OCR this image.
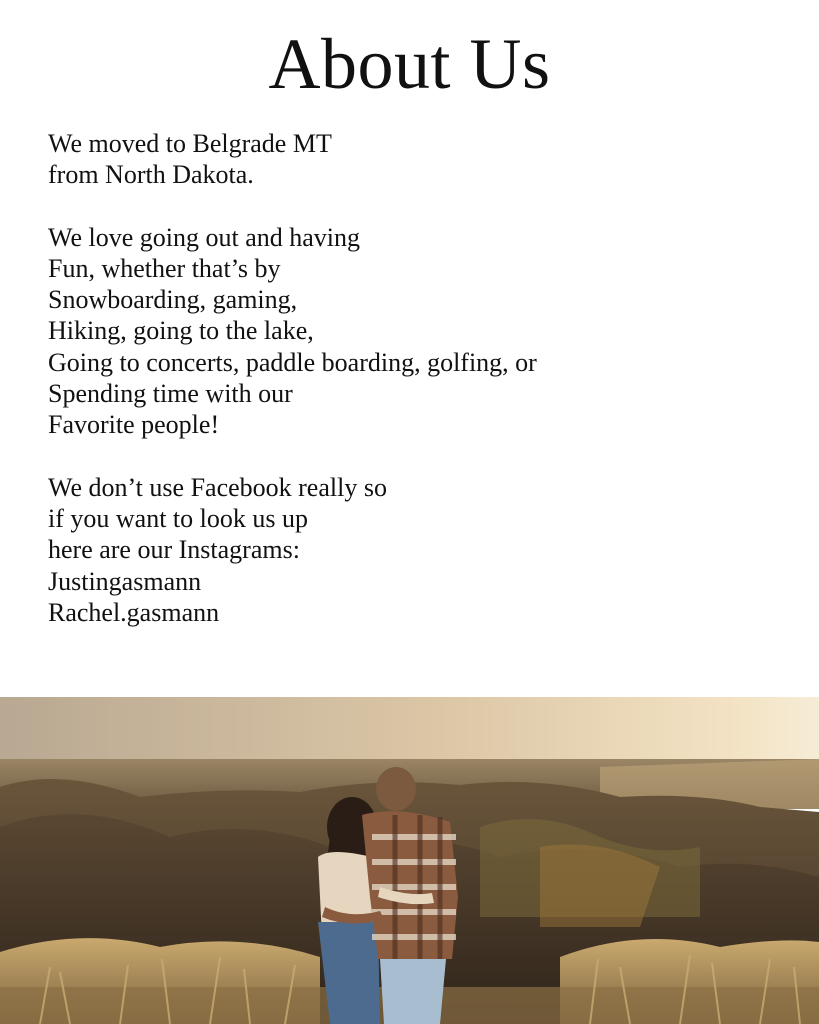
About Us

We moved to Belgrade MT
from North Dakota.

We love going out and having
Fun, whether that’s by
Snowboarding, gaming,
Hiking, going to the lake,
Going to concerts, paddle boarding, golfing, or
Spending time with our
Favorite people!

We don’t use Facebook really so
if you want to look us up
here are our Instagrams:
Justingasmann
Rachel.gasmann
